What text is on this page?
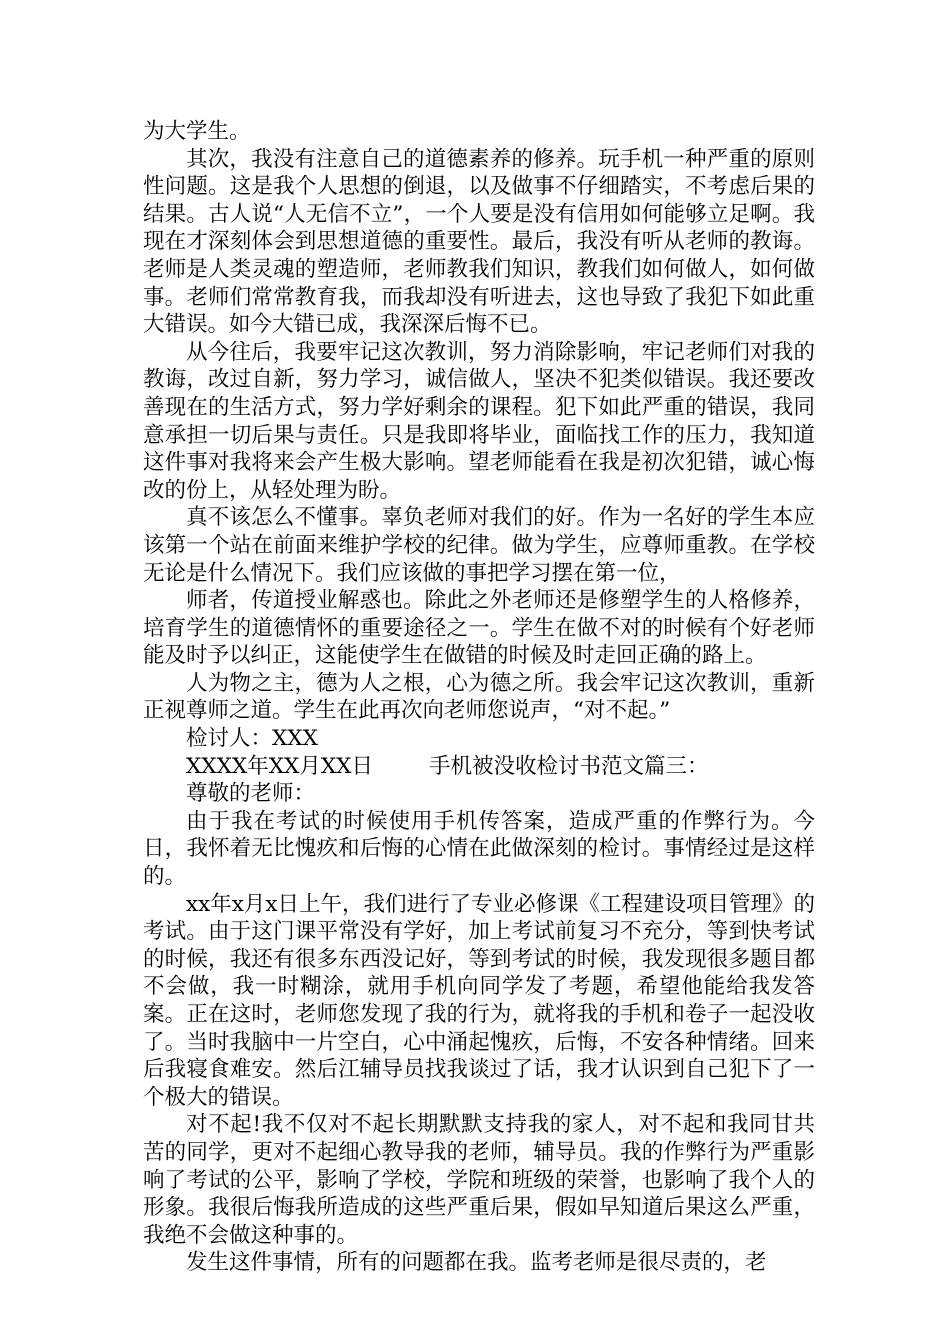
为大学生。

其次，我没有注意自己的道德素养的修养。玩手机一种严重的原则性问题。这是我个人思想的倒退，以及做事不仔细踏实，不考虑后果的结果。古人说“人无信不立”，一个人要是没有信用如何能够立足啊。我现在才深刻体会到思想道德的重要性。最后，我没有听从老师的教诲。老师是人类灵魂的塑造师，老师教我们知识，教我们如何做人，如何做事。老师们常常教育我，而我却没有听进去，这也导致了我犯下如此重大错误。如今大错已成，我深深后悔不已。

从今往后，我要牢记这次教训，努力消除影响，牢记老师们对我的教诲，改过自新，努力学习，诚信做人，坚决不犯类似错误。我还要改善现在的生活方式，努力学好剩余的课程。犯下如此严重的错误，我同意承担一切后果与责任。只是我即将毕业，面临找工作的压力，我知道这件事对我将来会产生极大影响。望老师能看在我是初次犯错，诚心悔改的份上，从轻处理为盼。

真不该怎么不懂事。辜负老师对我们的好。作为一名好的学生本应该第一个站在前面来维护学校的纪律。做为学生，应尊师重教。在学校无论是什么情况下。我们应该做的事把学习摆在第一位，

师者，传道授业解惑也。除此之外老师还是修塑学生的人格修养，培育学生的道德情怀的重要途径之一。学生在做不对的时候有个好老师能及时予以纠正，这能使学生在做错的时候及时走回正确的路上。

人为物之主，德为人之根，心为德之所。我会牢记这次教训，重新正视尊师之道。学生在此再次向老师您说声，“对不起。”

检讨人：XXX

XXXX年XX月XX日	手机被没收检讨书范文篇三：

尊敬的老师：

由于我在考试的时候使用手机传答案，造成严重的作弊行为。今日，我怀着无比愧疚和后悔的心情在此做深刻的检讨。事情经过是这样的。

xx年x月x日上午，我们进行了专业必修课《工程建设项目管理》的考试。由于这门课平常没有学好，加上考试前复习不充分，等到快考试的时候，我还有很多东西没记好，等到考试的时候，我发现很多题目都不会做，我一时糊涂，就用手机向同学发了考题，希望他能给我发答案。正在这时，老师您发现了我的行为，就将我的手机和卷子一起没收了。当时我脑中一片空白，心中涌起愧疚，后悔，不安各种情绪。回来后我寝食难安。然后江辅导员找我谈过了话，我才认识到自己犯下了一个极大的错误。

对不起!我不仅对不起长期默默支持我的家人，对不起和我同甘共苦的同学，更对不起细心教导我的老师，辅导员。我的作弊行为严重影响了考试的公平，影响了学校，学院和班级的荣誉，也影响了我个人的形象。我很后悔我所造成的这些严重后果，假如早知道后果这么严重，我绝不会做这种事的。

发生这件事情，所有的问题都在我。监考老师是很尽责的，老
